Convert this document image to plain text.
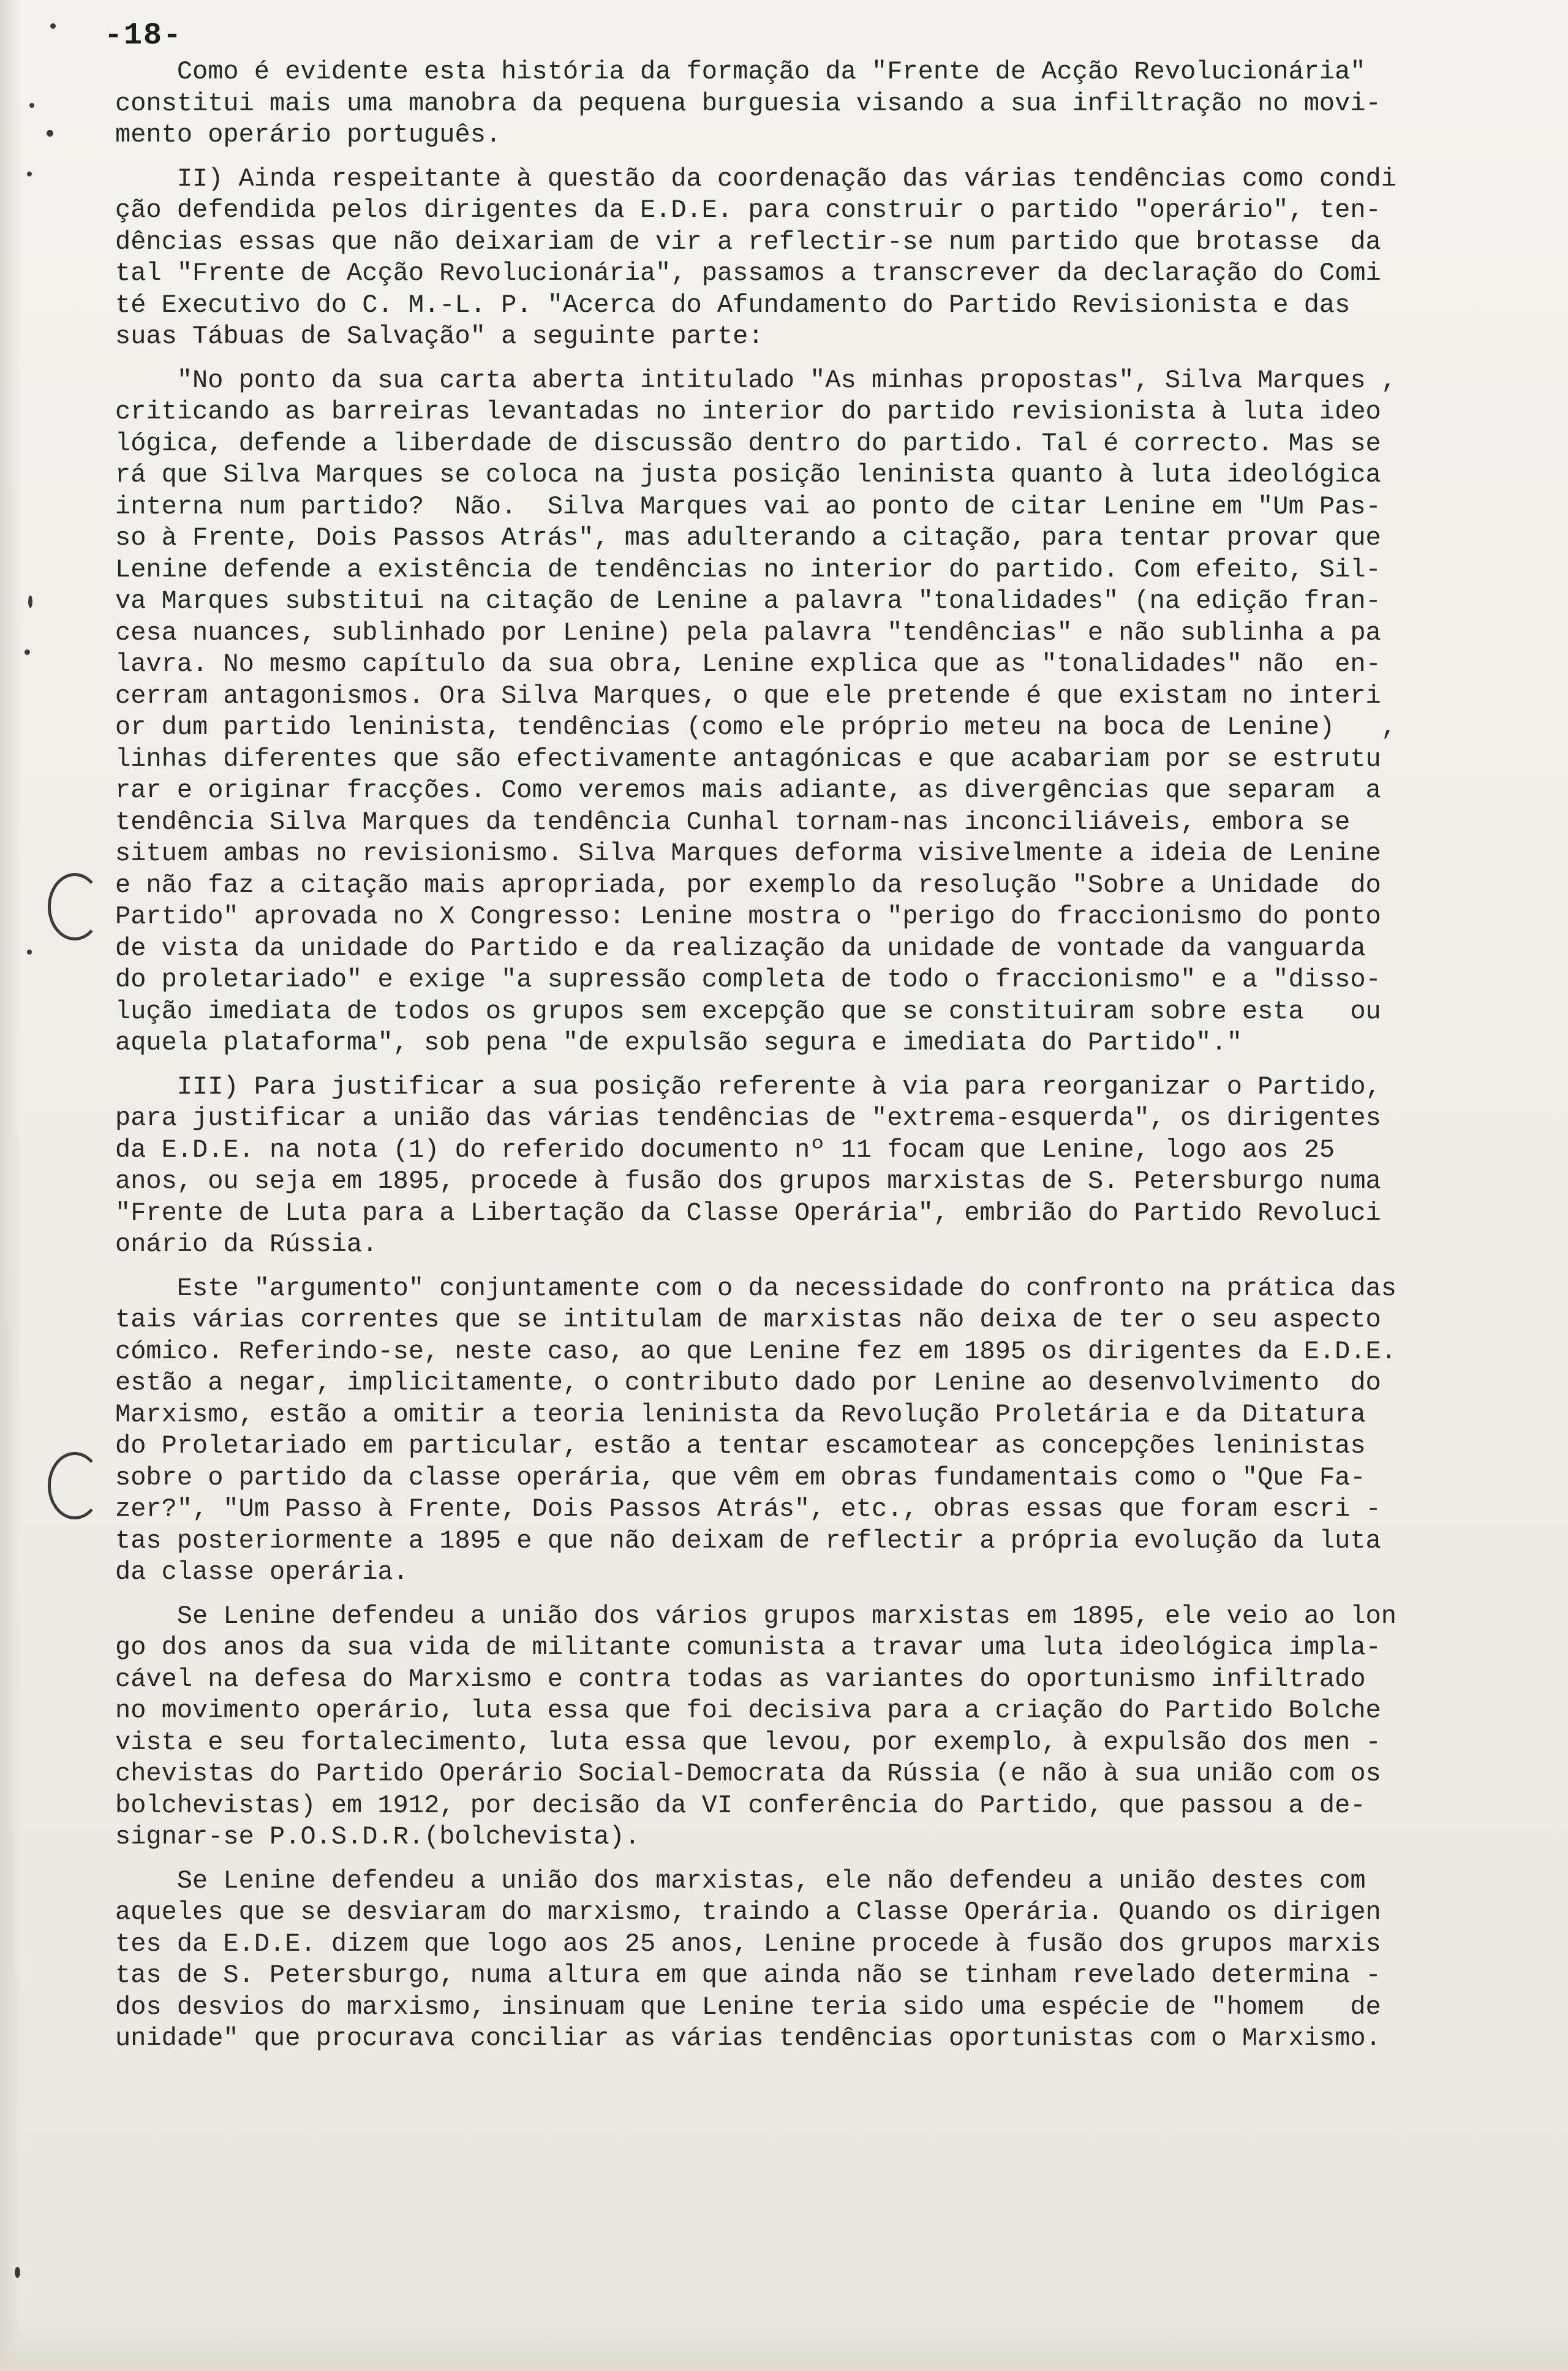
-18-
Como é evidente esta história da formação da "Frente de Acção Revolucionária"
constitui mais uma manobra da pequena burguesia visando a sua infiltração no movi-
mento operário português.
II) Ainda respeitante à questão da coordenação das várias tendências como condi
ção defendida pelos dirigentes da E.D.E. para construir o partido "operário", ten-
dências essas que não deixariam de vir a reflectir-se num partido que brotasse  da
tal "Frente de Acção Revolucionária", passamos a transcrever da declaração do Comi
té Executivo do C. M.-L. P. "Acerca do Afundamento do Partido Revisionista e das
suas Tábuas de Salvação" a seguinte parte:
"No ponto da sua carta aberta intitulado "As minhas propostas", Silva Marques ,
criticando as barreiras levantadas no interior do partido revisionista à luta ideo
lógica, defende a liberdade de discussão dentro do partido. Tal é correcto. Mas se
rá que Silva Marques se coloca na justa posição leninista quanto à luta ideológica
interna num partido?  Não.  Silva Marques vai ao ponto de citar Lenine em "Um Pas-
so à Frente, Dois Passos Atrás", mas adulterando a citação, para tentar provar que
Lenine defende a existência de tendências no interior do partido. Com efeito, Sil-
va Marques substitui na citação de Lenine a palavra "tonalidades" (na edição fran-
cesa nuances, sublinhado por Lenine) pela palavra "tendências" e não sublinha a pa
lavra. No mesmo capítulo da sua obra, Lenine explica que as "tonalidades" não  en-
cerram antagonismos. Ora Silva Marques, o que ele pretende é que existam no interi
or dum partido leninista, tendências (como ele próprio meteu na boca de Lenine)   ,
linhas diferentes que são efectivamente antagónicas e que acabariam por se estrutu
rar e originar fracções. Como veremos mais adiante, as divergências que separam  a
tendência Silva Marques da tendência Cunhal tornam-nas inconciliáveis, embora se
situem ambas no revisionismo. Silva Marques deforma visivelmente a ideia de Lenine
e não faz a citação mais apropriada, por exemplo da resolução "Sobre a Unidade  do
Partido" aprovada no X Congresso: Lenine mostra o "perigo do fraccionismo do ponto
de vista da unidade do Partido e da realização da unidade de vontade da vanguarda
do proletariado" e exige "a supressão completa de todo o fraccionismo" e a "disso-
lução imediata de todos os grupos sem excepção que se constituiram sobre esta   ou
aquela plataforma", sob pena "de expulsão segura e imediata do Partido"."
III) Para justificar a sua posição referente à via para reorganizar o Partido,
para justificar a união das várias tendências de "extrema-esquerda", os dirigentes
da E.D.E. na nota (1) do referido documento nº 11 focam que Lenine, logo aos 25
anos, ou seja em 1895, procede à fusão dos grupos marxistas de S. Petersburgo numa
"Frente de Luta para a Libertação da Classe Operária", embrião do Partido Revoluci
onário da Rússia.
Este "argumento" conjuntamente com o da necessidade do confronto na prática das
tais várias correntes que se intitulam de marxistas não deixa de ter o seu aspecto
cómico. Referindo-se, neste caso, ao que Lenine fez em 1895 os dirigentes da E.D.E.
estão a negar, implicitamente, o contributo dado por Lenine ao desenvolvimento  do
Marxismo, estão a omitir a teoria leninista da Revolução Proletária e da Ditatura
do Proletariado em particular, estão a tentar escamotear as concepções leninistas
sobre o partido da classe operária, que vêm em obras fundamentais como o "Que Fa-
zer?", "Um Passo à Frente, Dois Passos Atrás", etc., obras essas que foram escri -
tas posteriormente a 1895 e que não deixam de reflectir a própria evolução da luta
da classe operária.
Se Lenine defendeu a união dos vários grupos marxistas em 1895, ele veio ao lon
go dos anos da sua vida de militante comunista a travar uma luta ideológica impla-
cável na defesa do Marxismo e contra todas as variantes do oportunismo infiltrado
no movimento operário, luta essa que foi decisiva para a criação do Partido Bolche
vista e seu fortalecimento, luta essa que levou, por exemplo, à expulsão dos men -
chevistas do Partido Operário Social-Democrata da Rússia (e não à sua união com os
bolchevistas) em 1912, por decisão da VI conferência do Partido, que passou a de-
signar-se P.O.S.D.R.(bolchevista).
Se Lenine defendeu a união dos marxistas, ele não defendeu a união destes com
aqueles que se desviaram do marxismo, traindo a Classe Operária. Quando os dirigen
tes da E.D.E. dizem que logo aos 25 anos, Lenine procede à fusão dos grupos marxis
tas de S. Petersburgo, numa altura em que ainda não se tinham revelado determina -
dos desvios do marxismo, insinuam que Lenine teria sido uma espécie de "homem   de
unidade" que procurava conciliar as várias tendências oportunistas com o Marxismo.
